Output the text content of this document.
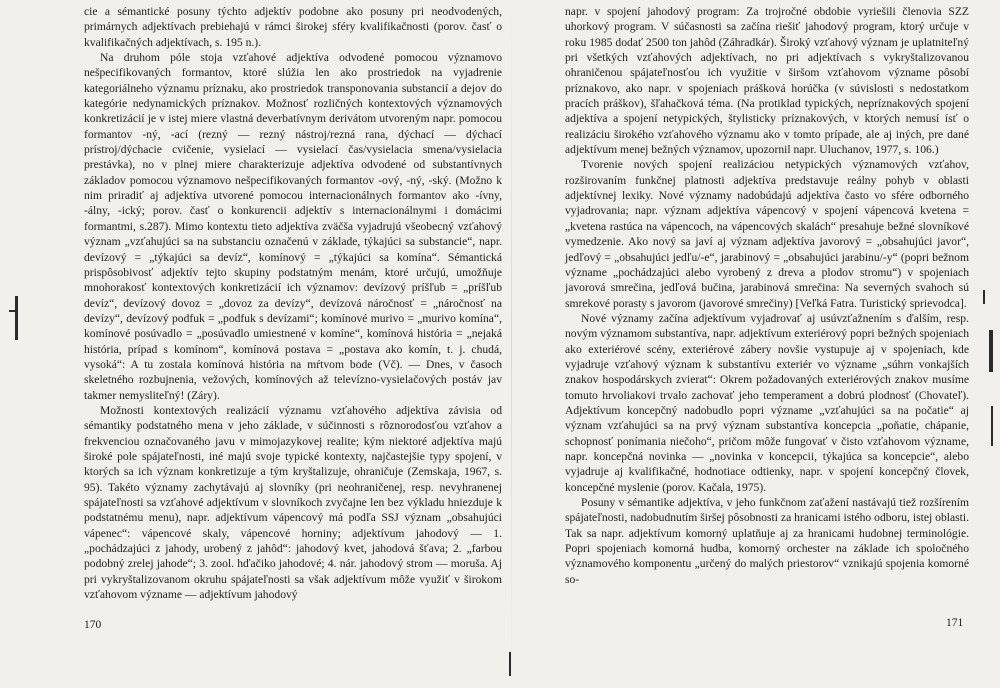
cie a sémantické posuny týchto adjektív podobne ako posuny pri neodvodených, primárnych adjektívach prebiehajú v rámci širokej sféry kvalifikačnosti (porov. časť o kvalifikačných adjektívach, s. 195 n.).

Na druhom póle stoja vzťahové adjektíva odvodené pomocou významovo nešpecifikovaných formantov, ktoré slúžia len ako prostriedok na vyjadrenie kategoriálneho významu príznaku, ako prostriedok transponovania substancií a dejov do kategórie nedynamických príznakov. Možnosť rozličných kontextových významových konkretizácií je v istej miere vlastná deverbatívnym derivátom utvoreným napr. pomocou formantov -ný, -ací (rezný — rezný nástroj/rezná rana, dýchací — dýchací prístroj/dýchacie cvičenie, vysielací — vysielací čas/vysielacia smena/vysielacia prestávka), no v plnej miere charakterizuje adjektíva odvodené od substantívnych základov pomocou významovo nešpecifikovaných formantov -ový, -ný, -ský. (Možno k nim priradiť aj adjektíva utvorené pomocou internacionálnych formantov ako -ívny, -álny, -ický; porov. časť o konkurencii adjektív s internacionálnymi i domácimi formantmi, s.287). Mimo kontextu tieto adjektíva zväčša vyjadrujú všeobecný vzťahový význam „vzťahujúci sa na substanciu označenú v základe, týkajúci sa substancie“, napr. devízový = „týkajúci sa devíz“, komínový = „týkajúci sa komína“. Sémantická prispôsobivosť adjektív tejto skupiny podstatným menám, ktoré určujú, umožňuje mnohorakosť kontextových konkretizácií ich významov: devízový príšľub = „príšľub devíz“, devízový dovoz = „dovoz za devízy“, devízová náročnosť = „náročnosť na devízy“, devízový podfuk = „podfuk s devízami“; komínové murivo = „murivo komína“, komínové posúvadlo = „posúvadlo umiestnené v komíne“, komínová história = „nejaká história, prípad s komínom“, komínová postava = „postava ako komín, t. j. chudá, vysoká“: A tu zostala komínová história na mŕtvom bode (Vč). — Dnes, v časoch skeletného rozbujnenia, vežových, komínových až televízno-vysielačových postáv jav takmer nemysliteľný! (Záry).

Možnosti kontextových realizácií významu vzťahového adjektíva závisia od sémantiky podstatného mena v jeho základe, v súčinnosti s rôznorodosťou vzťahov a frekvenciou označovaného javu v mimojazykovej realite; kým niektoré adjektíva majú široké pole spájateľnosti, iné majú svoje typické kontexty, najčastejšie typy spojení, v ktorých sa ich význam konkretizuje a tým kryštalizuje, ohraničuje (Zemskaja, 1967, s. 95). Takéto významy zachytávajú aj slovníky (pri neohraničenej, resp. nevyhranenej spájateľnosti sa vzťahové adjektívum v slovníkoch zvyčajne len bez výkladu hniezduje k podstatnému menu), napr. adjektívum vápencový má podľa SSJ význam „obsahujúci vápenec“: vápencové skaly, vápencové horniny; adjektívum jahodový — 1. „pochádzajúci z jahody, urobený z jahôd“: jahodový kvet, jahodová šťava; 2. „farbou podobný zrelej jahode“; 3. zool. hďačiko jahodové; 4. nár. jahodový strom — moruša. Aj pri vykryštalizovanom okruhu spájateľnosti sa však adjektívum môže využiť v širokom vzťahovom význame — adjektívum jahodový

170

napr. v spojení jahodový program: Za trojročné obdobie vyriešili členovia SZZ uhorkový program. V súčasnosti sa začína riešiť jahodový program, ktorý určuje v roku 1985 dodať 2500 ton jahôd (Záhradkár). Široký vzťahový význam je uplatniteľný pri všetkých vzťahových adjektívach, no pri adjektívach s vykryštalizovanou ohraničenou spájateľnosťou ich využitie v širšom vzťahovom význame pôsobí príznakovo, ako napr. v spojeniach prášková horúčka (v súvislosti s nedostatkom pracích práškov), šľahačková téma. (Na protiklad typických, nepríznakových spojení adjektíva a spojení netypických, štylisticky príznakových, v ktorých nemusí ísť o realizáciu širokého vzťahového významu ako v tomto prípade, ale aj iných, pre dané adjektívum menej bežných významov, upozornil napr. Uluchanov, 1977, s. 106.)

Tvorenie nových spojení realizáciou netypických významových vzťahov, rozširovaním funkčnej platnosti adjektíva predstavuje reálny pohyb v oblasti adjektívnej lexiky. Nové významy nadobúdajú adjektíva často vo sfére odborného vyjadrovania; napr. význam adjektíva vápencový v spojení vápencová kvetena = „kvetena rastúca na vápencoch, na vápencových skalách“ presahuje bežné slovníkové vymedzenie. Ako nový sa javí aj význam adjektíva javorový = „obsahujúci javor“, jedľový = „obsahujúci jedľu/-e“, jarabinový = „obsahujúci jarabinu/-y“ (popri bežnom význame „pochádzajúci alebo vyrobený z dreva a plodov stromu“) v spojeniach javorová smrečina, jedľová bučina, jarabinová smrečina: Na severných svahoch sú smrekové porasty s javorom (javorové smrečiny) [Veľká Fatra. Turistický sprievodca].

Nové významy začína adjektívum vyjadrovať aj usúvzťažnením s ďalším, resp. novým významom substantíva, napr. adjektívum exteriérový popri bežných spojeniach ako exteriérové scény, exteriérové zábery novšie vystupuje aj v spojeniach, kde vyjadruje vzťahový význam k substantívu exteriér vo význame „súhrn vonkajších znakov hospodárskych zvierat“: Okrem požadovaných exteriérových znakov musíme tomuto hrvoliakovi trvalo zachovať jeho temperament a dobrú plodnosť (Chovateľ). Adjektívum koncepčný nadobudlo popri význame „vzťahujúci sa na počatie“ aj význam vzťahujúci sa na prvý význam substantíva koncepcia „poňatie, chápanie, schopnosť ponímania niečoho“, pričom môže fungovať v čisto vzťahovom význame, napr. koncepčná novinka — „novinka v koncepcii, týkajúca sa koncepcie“, alebo vyjadruje aj kvalifikačné, hodnotiace odtienky, napr. v spojení koncepčný človek, koncepčné myslenie (porov. Kačala, 1975).

Posuny v sémantike adjektíva, v jeho funkčnom zaťažení nastávajú tiež rozšírením spájateľnosti, nadobudnutím širšej pôsobnosti za hranicami istého odboru, istej oblasti. Tak sa napr. adjektívum komorný uplatňuje aj za hranicami hudobnej terminológie. Popri spojeniach komorná hudba, komorný orchester na základe ich spoločného významového komponentu „určený do malých priestorov“ vznikajú spojenia komorné so-

171
